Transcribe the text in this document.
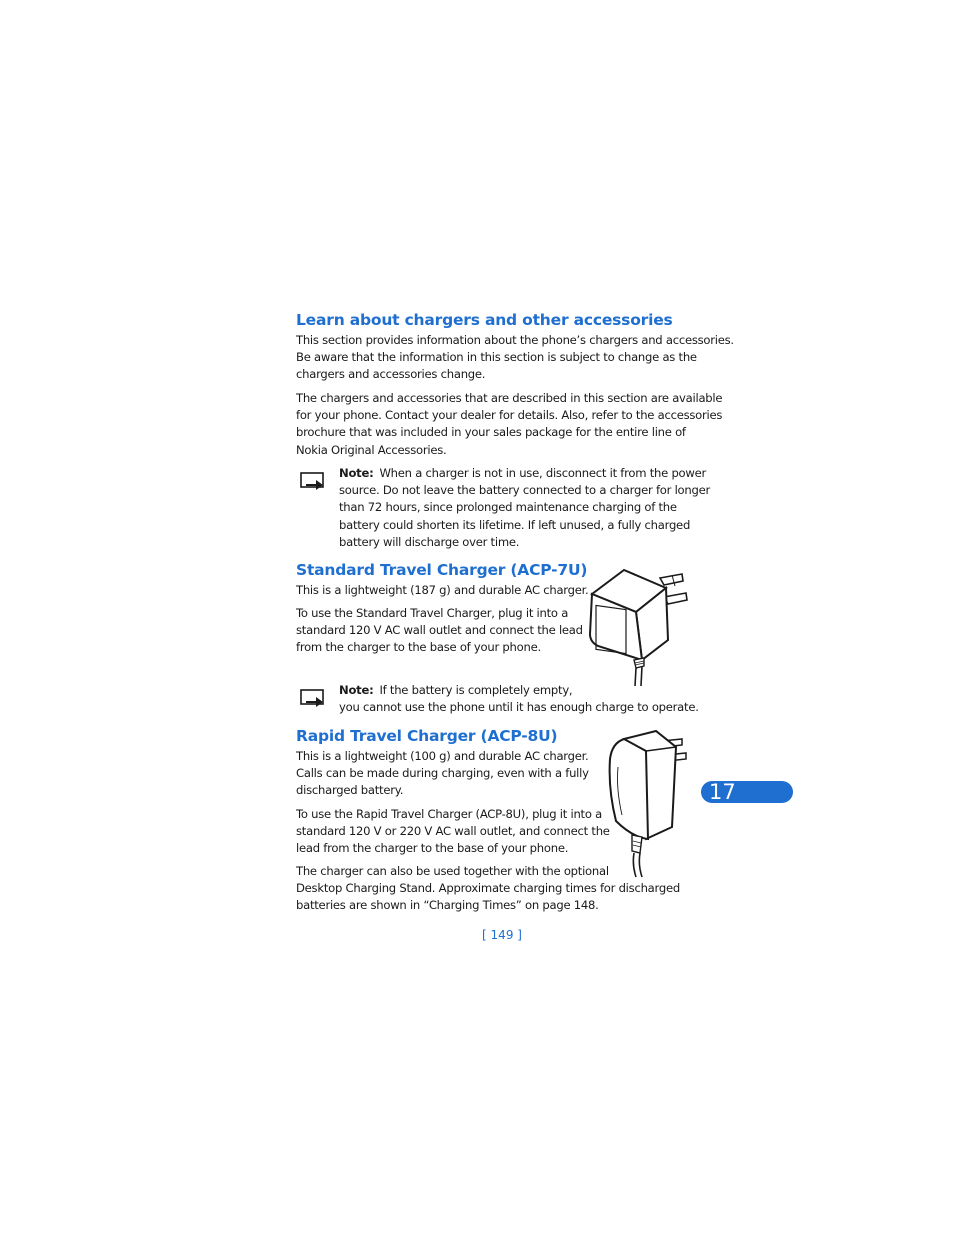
Learn about chargers and other accessories

This section provides information about the phone’s chargers and accessories.
Be aware that the information in this section is subject to change as the
chargers and accessories change.

The chargers and accessories that are described in this section are available
for your phone. Contact your dealer for details. Also, refer to the accessories
brochure that was included in your sales package for the entire line of
Nokia Original Accessories.

Note: When a charger is not in use, disconnect it from the power
source. Do not leave the battery connected to a charger for longer
than 72 hours, since prolonged maintenance charging of the
battery could shorten its lifetime. If left unused, a fully charged
battery will discharge over time.

Standard Travel Charger (ACP-7U)

This is a lightweight (187 g) and durable AC charger.

To use the Standard Travel Charger, plug it into a
standard 120 V AC wall outlet and connect the lead
from the charger to the base of your phone.

Note: If the battery is completely empty,
you cannot use the phone until it has enough charge to operate.

Rapid Travel Charger (ACP-8U)

This is a lightweight (100 g) and durable AC charger.
Calls can be made during charging, even with a fully
discharged battery.

To use the Rapid Travel Charger (ACP-8U), plug it into a
standard 120 V or 220 V AC wall outlet, and connect the
lead from the charger to the base of your phone.

The charger can also be used together with the optional
Desktop Charging Stand. Approximate charging times for discharged
batteries are shown in “Charging Times” on page 148.

17
[ 149 ]
